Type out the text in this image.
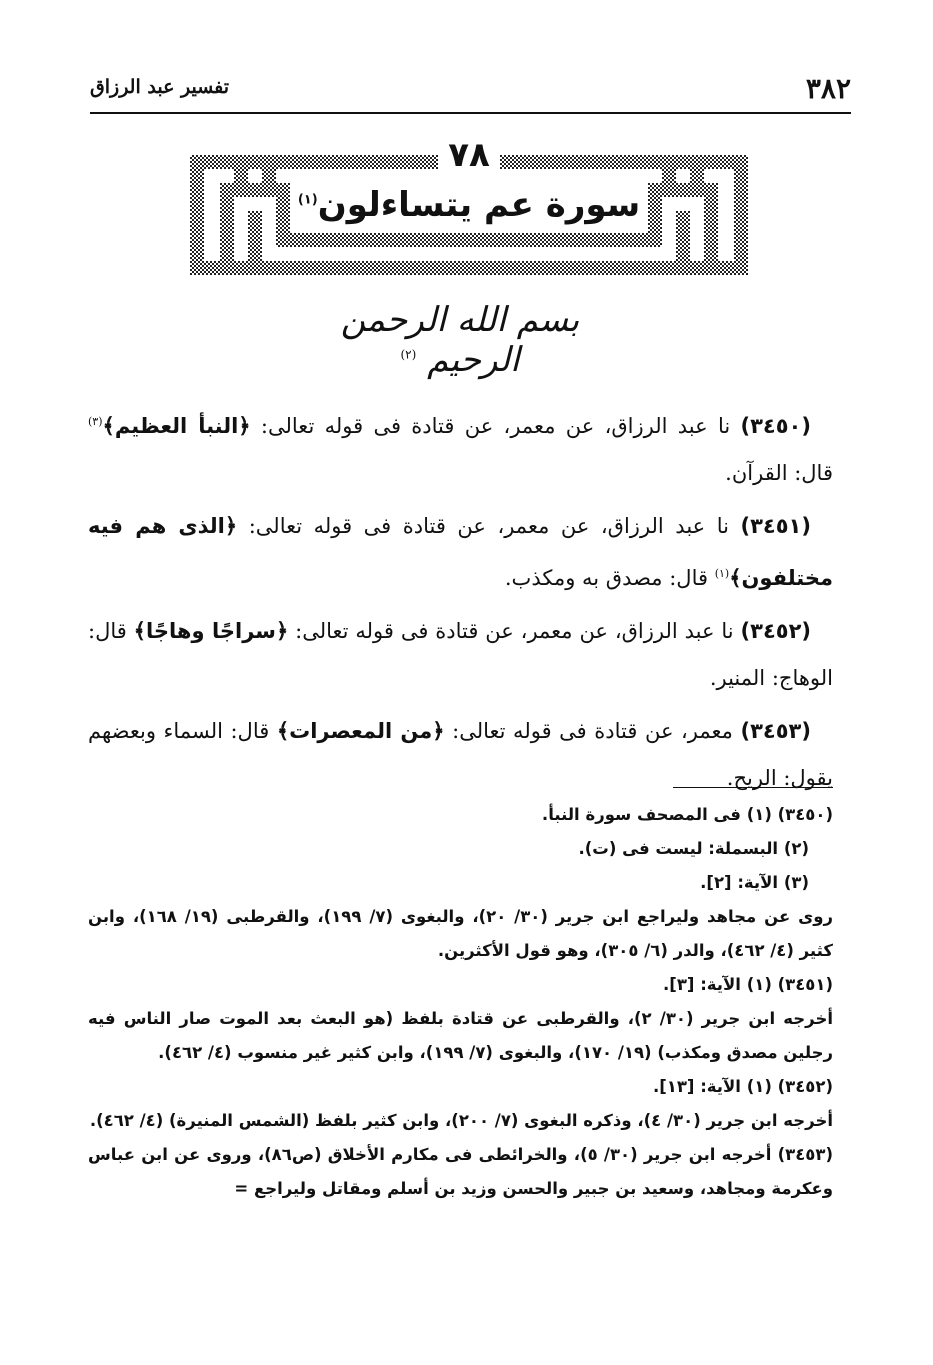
٣٨٢
تفسير عبد الرزاق
٧٨
سورة عم يتساءلون$^{(١)}$
بسم الله الرحمن الرحيم $^{(٢)}$

(٣٤٥٠) نا عبد الرزاق، عن معمر، عن قتادة فى قوله تعالى: ﴿النبأ العظيم﴾$^{(٣)}$ قال: القرآن.

(٣٤٥١) نا عبد الرزاق، عن معمر، عن قتادة فى قوله تعالى: ﴿الذى هم فيه مختلفون﴾$^{(١)}$ قال: مصدق به ومكذب.

(٣٤٥٢) نا عبد الرزاق، عن معمر، عن قتادة فى قوله تعالى: ﴿سراجًا وهاجًا﴾ قال: الوهاج: المنير.

(٣٤٥٣) معمر، عن قتادة فى قوله تعالى: ﴿من المعصرات﴾ قال: السماء وبعضهم يقول: الريح.

(٣٤٥٠) (١) فى المصحف سورة النبأ.
(٢) البسملة: ليست فى (ت).
(٣) الآية: [٢].
روى عن مجاهد وليراجع ابن جرير (٣٠/ ٢٠)، والبغوى (٧/ ١٩٩)، والقرطبى (١٩/ ١٦٨)، وابن كثير (٤/ ٤٦٢)، والدر (٦/ ٣٠٥)، وهو قول الأكثرين.
(٣٤٥١) (١) الآية: [٣].
أخرجه ابن جرير (٣٠/ ٢)، والقرطبى عن قتادة بلفظ (هو البعث بعد الموت صار الناس فيه رجلين مصدق ومكذب) (١٩/ ١٧٠)، والبغوى (٧/ ١٩٩)، وابن كثير غير منسوب (٤/ ٤٦٢).
(٣٤٥٢) (١) الآية: [١٣].
أخرجه ابن جرير (٣٠/ ٤)، وذكره البغوى (٧/ ٢٠٠)، وابن كثير بلفظ (الشمس المنيرة) (٤/ ٤٦٢).
(٣٤٥٣) أخرجه ابن جرير (٣٠/ ٥)، والخرائطى فى مكارم الأخلاق (ص٨٦)، وروى عن ابن عباس وعكرمة ومجاهد، وسعيد بن جبير والحسن وزيد بن أسلم ومقاتل وليراجع =
